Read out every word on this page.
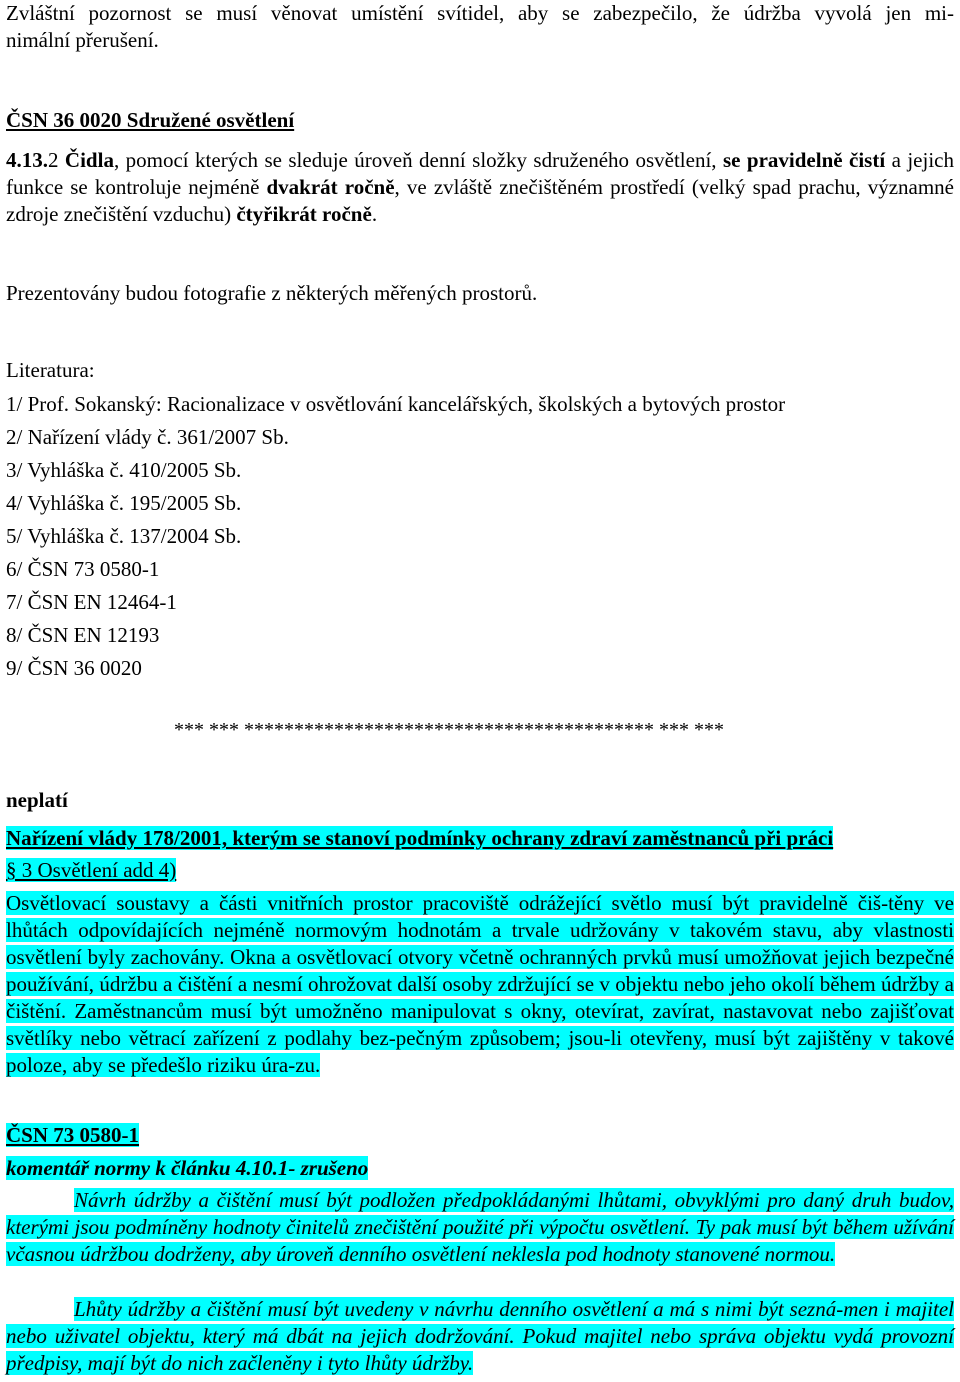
Zvláštní pozornost se musí věnovat umístění svítidel, aby se zabezpečilo, že údržba vyvolá jen mi-
nimální přerušení.
ČSN 36 0020 Sdružené osvětlení
4.13.2 Čidla, pomocí kterých se sleduje úroveň denní složky sdruženého osvětlení, se pravidelně čistí a jejich funkce se kontroluje nejméně dvakrát ročně, ve zvláště znečištěném prostředí (velký spad prachu, významné zdroje znečištění vzduchu) čtyřikrát ročně.
Prezentovány budou fotografie z některých měřených prostorů.
Literatura:
1/ Prof. Sokanský: Racionalizace v osvětlování kancelářských, školských a bytových prostor
2/ Nařízení vlády č. 361/2007 Sb.
3/ Vyhláška č. 410/2005 Sb.
4/ Vyhláška č. 195/2005 Sb.
5/ Vyhláška č. 137/2004 Sb.
6/ ČSN 73 0580-1
7/ ČSN EN 12464-1
8/ ČSN EN 12193
9/ ČSN 36 0020
*** *** ***************************************** *** ***
neplatí
Nařízení vlády 178/2001, kterým se stanoví podmínky ochrany zdraví zaměstnanců při práci
§ 3 Osvětlení add 4)
Osvětlovací soustavy a části vnitřních prostor pracoviště odrážející světlo musí být pravidelně čiš-těny ve lhůtách odpovídajících nejméně normovým hodnotám a trvale udržovány v takovém stavu, aby vlastnosti osvětlení byly zachovány. Okna a osvětlovací otvory včetně ochranných prvků musí umožňovat jejich bezpečné používání, údržbu a čištění a nesmí ohrožovat další osoby zdržující se v objektu nebo jeho okolí během údržby a čištění. Zaměstnancům musí být umožněno manipulovat s okny, otevírat, zavírat, nastavovat nebo zajišťovat světlíky nebo větrací zařízení z podlahy bez-pečným způsobem; jsou-li otevřeny, musí být zajištěny v takové poloze, aby se předešlo riziku úra-zu.
ČSN 73 0580-1
komentář normy k článku 4.10.1- zrušeno
Návrh údržby a čištění musí být podložen předpokládanými lhůtami, obvyklými pro daný druh budov, kterými jsou podmíněny hodnoty činitelů znečištění použité při výpočtu osvětlení. Ty pak musí být během užívání včasnou údržbou dodrženy, aby úroveň denního osvětlení neklesla pod hodnoty stanovené normou.
Lhůty údržby a čištění musí být uvedeny v návrhu denního osvětlení a má s nimi být sezná-men i majitel nebo uživatel objektu, který má dbát na jejich dodržování. Pokud majitel nebo správa objektu vydá provozní předpisy, mají být do nich začleněny i tyto lhůty údržby.
